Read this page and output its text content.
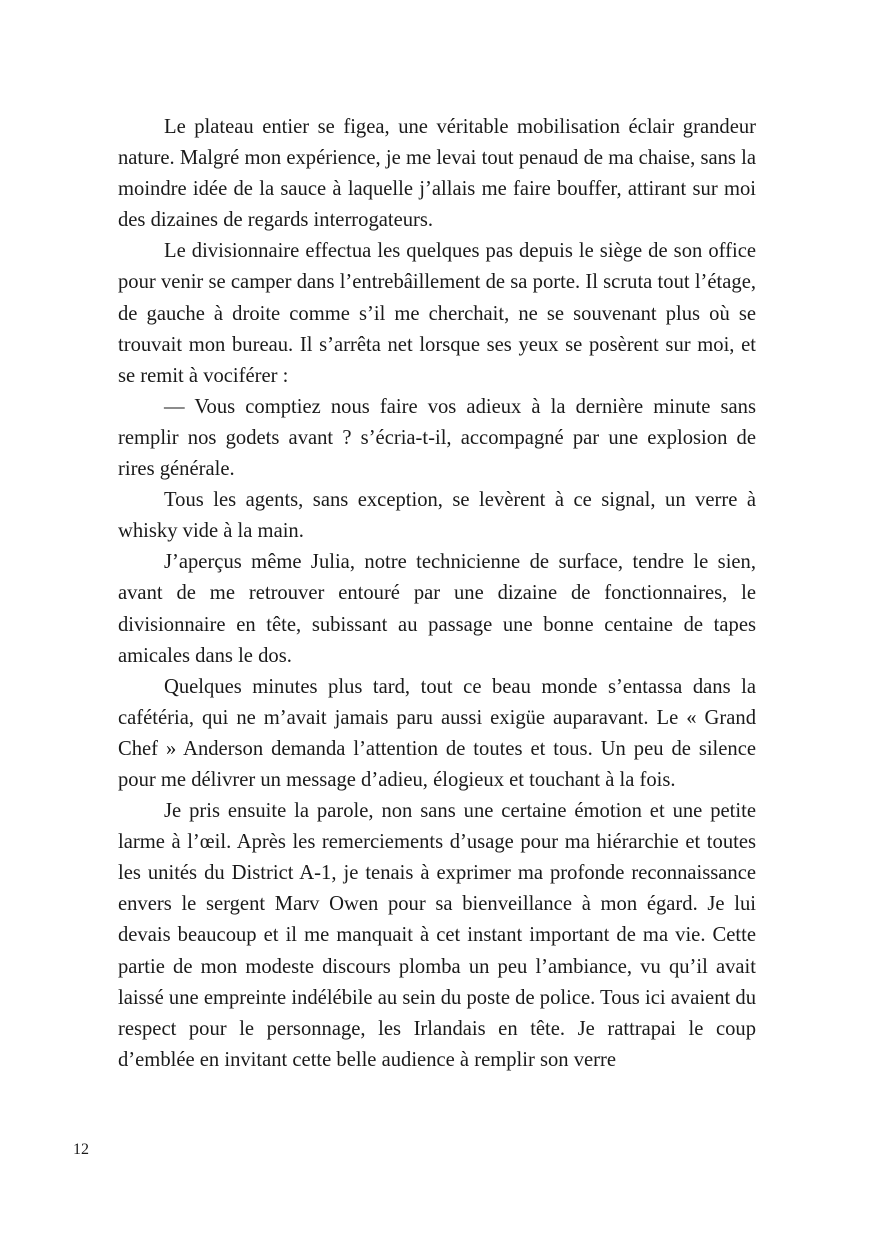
Le plateau entier se figea, une véritable mobilisation éclair grandeur nature. Malgré mon expérience, je me levai tout penaud de ma chaise, sans la moindre idée de la sauce à laquelle j’allais me faire bouffer, attirant sur moi des dizaines de regards interrogateurs.

Le divisionnaire effectua les quelques pas depuis le siège de son office pour venir se camper dans l’entrebâillement de sa porte. Il scruta tout l’étage, de gauche à droite comme s’il me cherchait, ne se souvenant plus où se trouvait mon bureau. Il s’arrêta net lorsque ses yeux se posèrent sur moi, et se remit à vociférer :

— Vous comptiez nous faire vos adieux à la dernière minute sans remplir nos godets avant ? s’écria-t-il, accompagné par une explosion de rires générale.

Tous les agents, sans exception, se levèrent à ce signal, un verre à whisky vide à la main.

J’aperçus même Julia, notre technicienne de surface, tendre le sien, avant de me retrouver entouré par une dizaine de fonctionnaires, le divisionnaire en tête, subissant au passage une bonne centaine de tapes amicales dans le dos.

Quelques minutes plus tard, tout ce beau monde s’entassa dans la cafétéria, qui ne m’avait jamais paru aussi exigüe auparavant. Le « Grand Chef » Anderson demanda l’attention de toutes et tous. Un peu de silence pour me délivrer un message d’adieu, élogieux et touchant à la fois.

Je pris ensuite la parole, non sans une certaine émotion et une petite larme à l’œil. Après les remerciements d’usage pour ma hiérarchie et toutes les unités du District A-1, je tenais à exprimer ma profonde reconnaissance envers le sergent Marv Owen pour sa bienveillance à mon égard. Je lui devais beaucoup et il me manquait à cet instant important de ma vie. Cette partie de mon modeste discours plomba un peu l’ambiance, vu qu’il avait laissé une empreinte indélébile au sein du poste de police. Tous ici avaient du respect pour le personnage, les Irlandais en tête. Je rattrapai le coup d’emblée en invitant cette belle audience à remplir son verre

12
